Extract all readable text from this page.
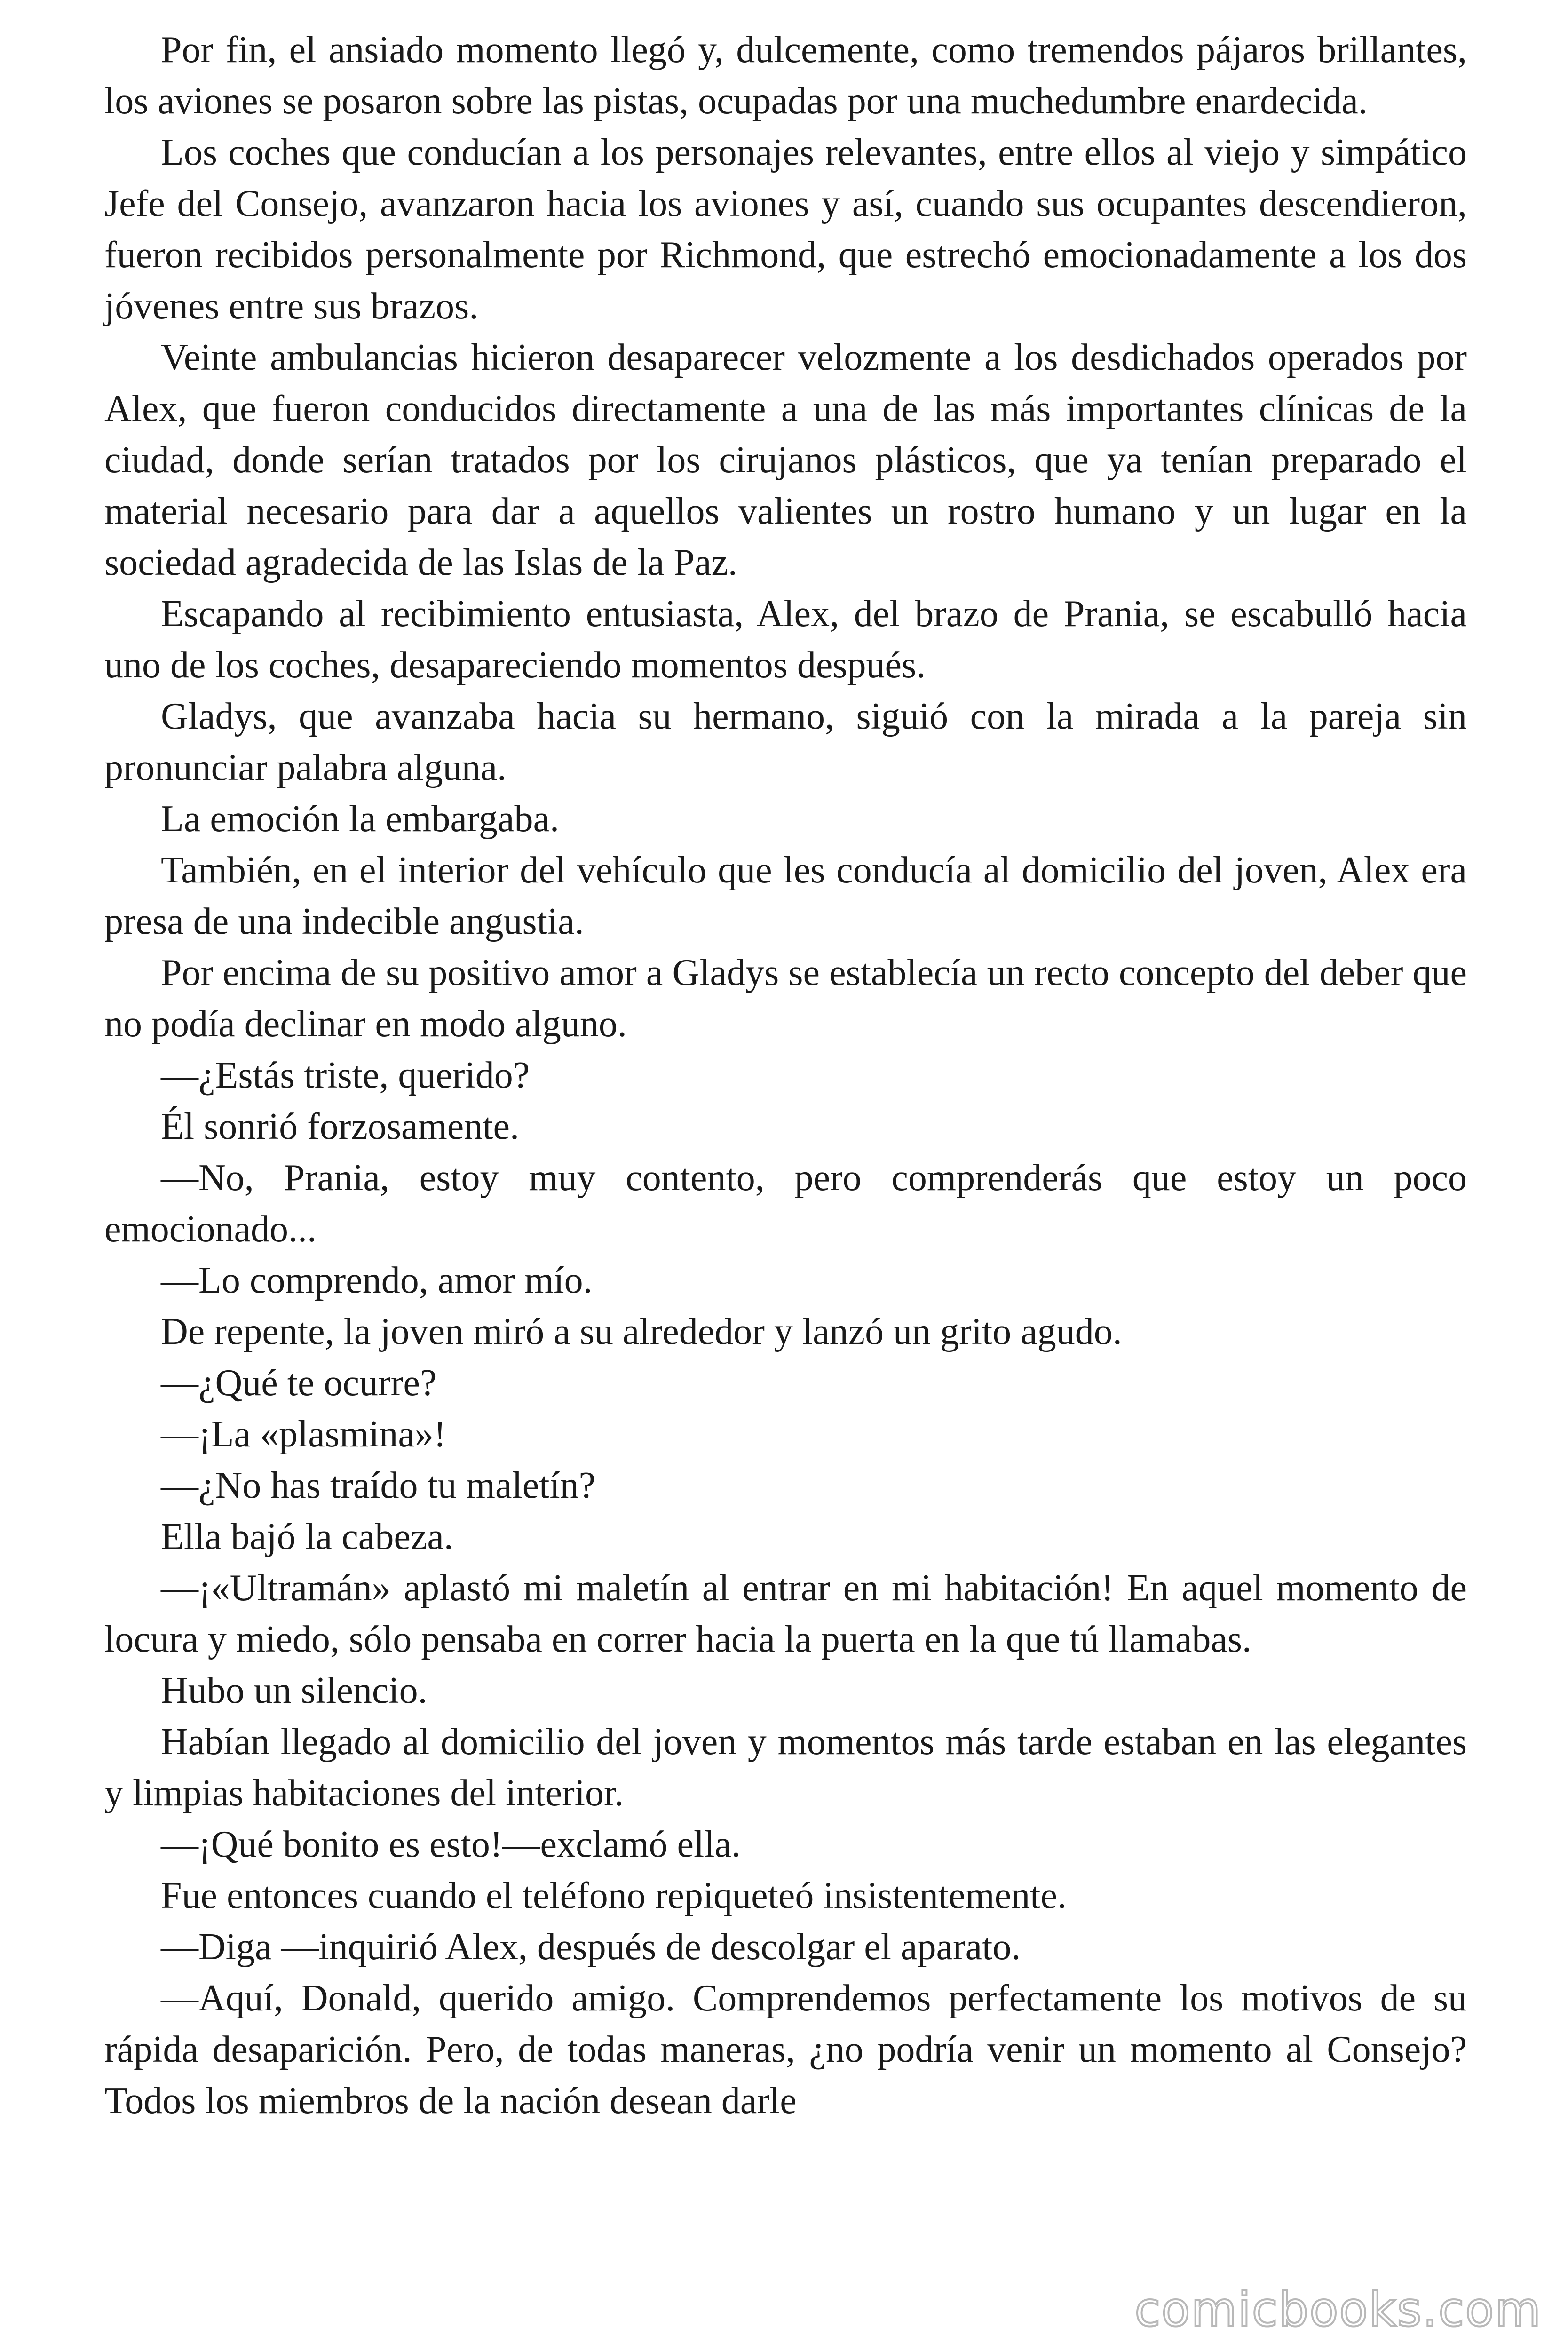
Por fin, el ansiado momento llegó y, dulcemente, como tremendos pájaros brillantes, los aviones se posaron sobre las pistas, ocupadas por una muchedumbre enardecida.

Los coches que conducían a los personajes relevantes, entre ellos al viejo y simpático Jefe del Consejo, avanzaron hacia los aviones y así, cuando sus ocupantes descendieron, fueron recibidos personalmente por Richmond, que estrechó emocionadamente a los dos jóvenes entre sus brazos.

Veinte ambulancias hicieron desaparecer velozmente a los desdichados operados por Alex, que fueron conducidos directamente a una de las más importantes clínicas de la ciudad, donde serían tratados por los cirujanos plásticos, que ya tenían preparado el material necesario para dar a aquellos valientes un rostro humano y un lugar en la sociedad agradecida de las Islas de la Paz.

Escapando al recibimiento entusiasta, Alex, del brazo de Prania, se escabulló hacia uno de los coches, desapareciendo momentos después.

Gladys, que avanzaba hacia su hermano, siguió con la mirada a la pareja sin pronunciar palabra alguna.

La emoción la embargaba.

También, en el interior del vehículo que les conducía al domicilio del joven, Alex era presa de una indecible angustia.

Por encima de su positivo amor a Gladys se establecía un recto concepto del deber que no podía declinar en modo alguno.

—¿Estás triste, querido?

Él sonrió forzosamente.

—No, Prania, estoy muy contento, pero comprenderás que estoy un poco emocionado...

—Lo comprendo, amor mío.

De repente, la joven miró a su alrededor y lanzó un grito agudo.

—¿Qué te ocurre?

—¡La «plasmina»!

—¿No has traído tu maletín?

Ella bajó la cabeza.

—¡«Ultramán» aplastó mi maletín al entrar en mi habitación! En aquel momento de locura y miedo, sólo pensaba en correr hacia la puerta en la que tú llamabas.

Hubo un silencio.

Habían llegado al domicilio del joven y momentos más tarde estaban en las elegantes y limpias habitaciones del interior.

—¡Qué bonito es esto!—exclamó ella.

Fue entonces cuando el teléfono repiqueteó insistentemente.

—Diga —inquirió Alex, después de descolgar el aparato.

—Aquí, Donald, querido amigo. Comprendemos perfectamente los motivos de su rápida desaparición. Pero, de todas maneras, ¿no podría venir un momento al Consejo? Todos los miembros de la nación desean darle

comicbooks.com
